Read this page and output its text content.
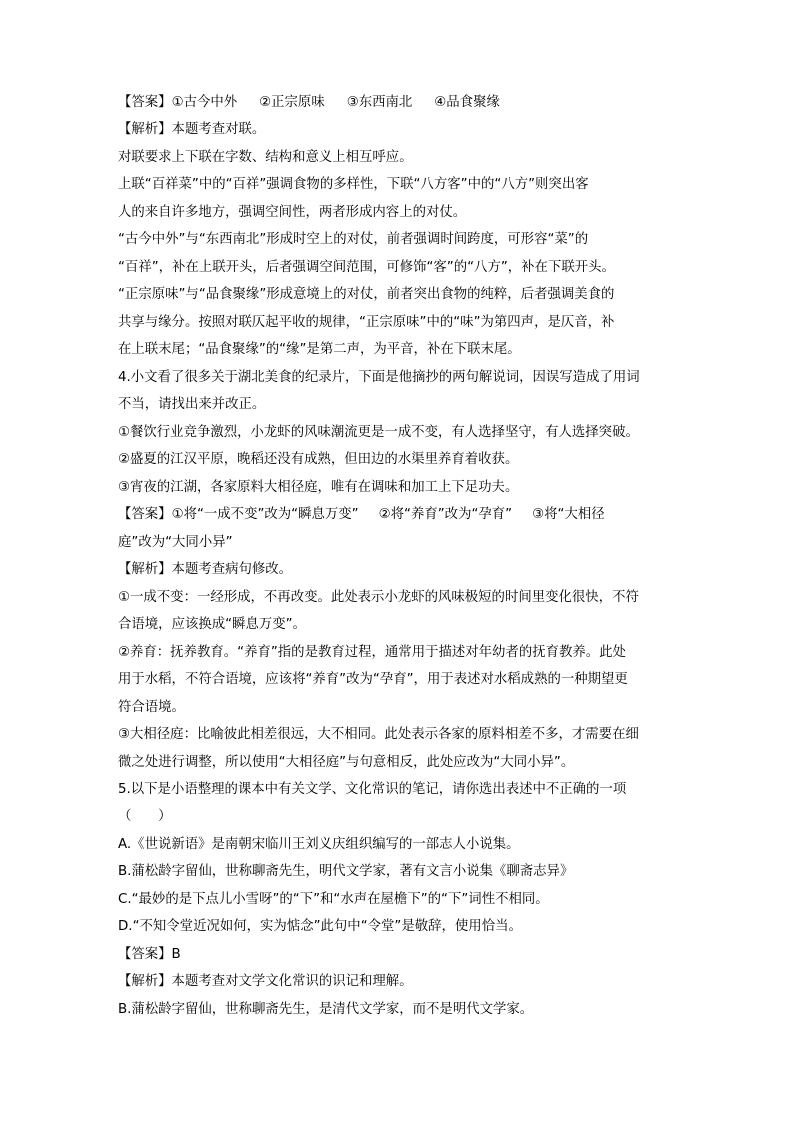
【答案】①古今中外 ②正宗原味 ③东西南北 ④品食聚缘
【解析】本题考查对联。
对联要求上下联在字数、结构和意义上相互呼应。
上联“百祥菜”中的“百祥”强调食物的多样性，下联“八方客”中的“八方”则突出客
人的来自许多地方，强调空间性，两者形成内容上的对仗。
“古今中外”与“东西南北”形成时空上的对仗，前者强调时间跨度，可形容“菜”的
“百祥”，补在上联开头，后者强调空间范围，可修饰“客”的“八方”，补在下联开头。
“正宗原味”与“品食聚缘”形成意境上的对仗，前者突出食物的纯粹，后者强调美食的
共享与缘分。按照对联仄起平收的规律，“正宗原味”中的“味”为第四声，是仄音，补
在上联末尾；“品食聚缘”的“缘”是第二声，为平音，补在下联末尾。
4.小文看了很多关于湖北美食的纪录片，下面是他摘抄的两句解说词，因误写造成了用词
不当，请找出来并改正。
①餐饮行业竞争激烈，小龙虾的风味潮流更是一成不变，有人选择坚守，有人选择突破。
②盛夏的江汉平原，晚稻还没有成熟，但田边的水渠里养育着收获。
③宵夜的江湖，各家原料大相径庭，唯有在调味和加工上下足功夫。
【答案】①将“一成不变”改为“瞬息万变” ②将“养育”改为“孕育” ③将“大相径
庭”改为“大同小异”
【解析】本题考查病句修改。
①一成不变：一经形成，不再改变。此处表示小龙虾的风味极短的时间里变化很快，不符
合语境，应该换成“瞬息万变”。
②养育：抚养教育。“养育”指的是教育过程，通常用于描述对年幼者的抚育教养。此处
用于水稻，不符合语境，应该将“养育”改为“孕育”，用于表述对水稻成熟的一种期望更
符合语境。
③大相径庭：比喻彼此相差很远，大不相同。此处表示各家的原料相差不多，才需要在细
微之处进行调整，所以使用“大相径庭”与句意相反，此处应改为“大同小异”。
5.以下是小语整理的课本中有关文学、文化常识的笔记，请你选出表述中不正确的一项
（　　）
A.《世说新语》是南朝宋临川王刘义庆组织编写的一部志人小说集。
B.蒲松龄字留仙，世称聊斋先生，明代文学家，著有文言小说集《聊斋志异》
C.“最妙的是下点儿小雪呀”的“下”和“水声在屋檐下”的“下”词性不相同。
D.“不知令堂近况如何，实为惦念”此句中“令堂”是敬辞，使用恰当。
【答案】B
【解析】本题考查对文学文化常识的识记和理解。
B.蒲松龄字留仙，世称聊斋先生，是清代文学家，而不是明代文学家。
